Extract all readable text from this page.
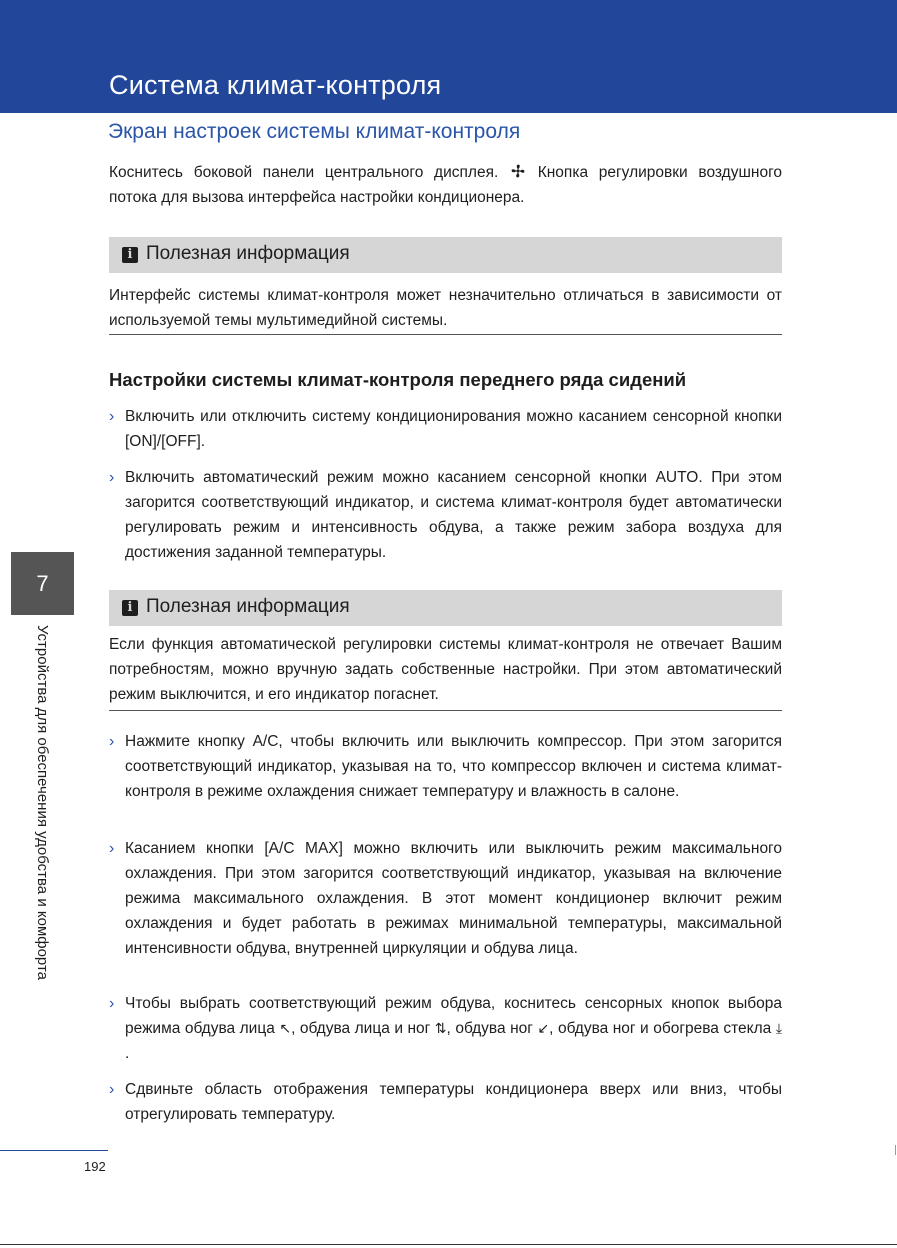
Система климат-контроля
Экран настроек системы климат-контроля

Коснитесь боковой панели центрального дисплея.	Кнопка регулировки воздушного потока для вызова интерфейса настройки кондиционера.

i Полезная информация

Интерфейс системы климат-контроля может незначительно отличаться в зависимости от используемой темы мультимедийной системы.

Настройки системы климат-контроля переднего ряда сидений
› Включить или отключить систему кондиционирования можно касанием сенсорной кнопки [ON]/[OFF].

› Включить автоматический режим можно касанием сенсорной кнопки AUTO. При этом загорится соответствующий индикатор, и система климат-контроля будет автоматически регулировать режим и интенсивность обдува, а также режим забора воздуха для достижения заданной температуры.

i Полезная информация

Если функция автоматической регулировки системы климат-контроля не отвечает Вашим потребностям, можно вручную задать собственные настройки. При этом автоматический режим выключится, и его индикатор погаснет.

› Нажмите кнопку A/C, чтобы включить или выключить компрессор. При этом загорится соответствующий индикатор, указывая на то, что компрессор включен и система климат-контроля в режиме охлаждения снижает температуру и влажность в салоне.

› Касанием кнопки [A/C MAX] можно включить или выключить режим максимального охлаждения. При этом загорится соответствующий индикатор, указывая на включение режима максимального охлаждения. В этот момент кондиционер включит режим охлаждения и будет работать в режимах минимальной температуры, максимальной интенсивности обдува, внутренней циркуляции и обдува лица.

› Чтобы выбрать соответствующий режим обдува, коснитесь сенсорных кнопок выбора режима обдува лица ↖, обдува лица и ног ⇅, обдува ног ↙, обдува ног и обогрева стекла ⤓.

› Сдвиньте область отображения температуры кондиционера вверх или вниз, чтобы отрегулировать температуру.

7
Устройства для обеспечения удобства и комфорта
192
